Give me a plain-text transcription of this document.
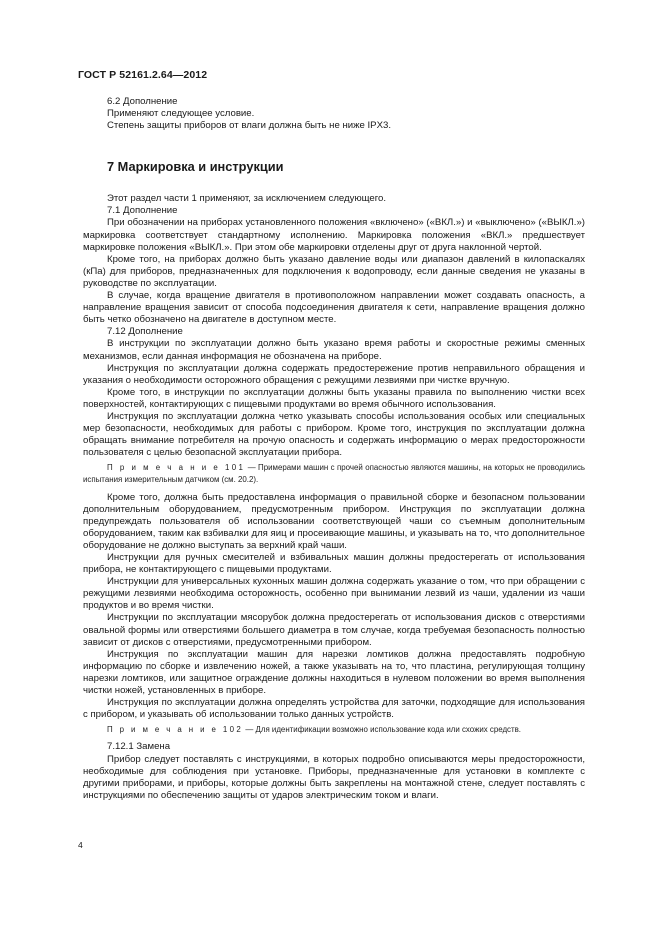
ГОСТ Р 52161.2.64—2012

6.2 Дополнение

Применяют следующее условие.

Степень защиты приборов от влаги должна быть не ниже IPX3.

7 Маркировка и инструкции

Этот раздел части 1 применяют, за исключением следующего.

7.1 Дополнение

При обозначении на приборах установленного положения «включено» («ВКЛ.») и «выключено» («ВЫКЛ.») маркировка соответствует стандартному исполнению. Маркировка положения «ВКЛ.» предшествует маркировке положения «ВЫКЛ.». При этом обе маркировки отделены друг от друга наклонной чертой.

Кроме того, на приборах должно быть указано давление воды или диапазон давлений в килопаскалях (кПа) для приборов, предназначенных для подключения к водопроводу, если данные сведения не указаны в руководстве по эксплуатации.

В случае, когда вращение двигателя в противоположном направлении может создавать опасность, а направление вращения зависит от способа подсоединения двигателя к сети, направление вращения должно быть четко обозначено на двигателе в доступном месте.

7.12 Дополнение

В инструкции по эксплуатации должно быть указано время работы и скоростные режимы сменных механизмов, если данная информация не обозначена на приборе.

Инструкция по эксплуатации должна содержать предостережение против неправильного обращения и указания о необходимости осторожного обращения с режущими лезвиями при чистке вручную.

Кроме того, в инструкции по эксплуатации должны быть указаны правила по выполнению чистки всех поверхностей, контактирующих с пищевыми продуктами во время обычного использования.

Инструкция по эксплуатации должна четко указывать способы использования особых или специальных мер безопасности, необходимых для работы с прибором. Кроме того, инструкция по эксплуатации должна обращать внимание потребителя на прочую опасность и содержать информацию о мерах предосторожности пользователя с целью безопасной эксплуатации прибора.

П р и м е ч а н и е 101 — Примерами машин с прочей опасностью являются машины, на которых не проводились испытания измерительным датчиком (см. 20.2).

Кроме того, должна быть предоставлена информация о правильной сборке и безопасном пользовании дополнительным оборудованием, предусмотренным прибором. Инструкция по эксплуатации должна предупреждать пользователя об использовании соответствующей чаши со съемным дополнительным оборудованием, таким как взбивалки для яиц и просеивающие машины, и указывать на то, что дополнительное оборудование не должно выступать за верхний край чаши.

Инструкции для ручных смесителей и взбивальных машин должны предостерегать от использования прибора, не контактирующего с пищевыми продуктами.

Инструкции для универсальных кухонных машин должна содержать указание о том, что при обращении с режущими лезвиями необходима осторожность, особенно при вынимании лезвий из чаши, удалении из чаши продуктов и во время чистки.

Инструкции по эксплуатации мясорубок должна предостерегать от использования дисков с отверстиями овальной формы или отверстиями большего диаметра в том случае, когда требуемая безопасность полностью зависит от дисков с отверстиями, предусмотренными прибором.

Инструкция по эксплуатации машин для нарезки ломтиков должна предоставлять подробную информацию по сборке и извлечению ножей, а также указывать на то, что пластина, регулирующая толщину нарезки ломтиков, или защитное ограждение должны находиться в нулевом положении во время выполнения чистки ножей, установленных в приборе.

Инструкция по эксплуатации должна определять устройства для заточки, подходящие для использования с прибором, и указывать об использовании только данных устройств.

П р и м е ч а н и е 102 — Для идентификации возможно использование кода или схожих средств.

7.12.1 Замена

Прибор следует поставлять с инструкциями, в которых подробно описываются меры предосторожности, необходимые для соблюдения при установке. Приборы, предназначенные для установки в комплекте с другими приборами, и приборы, которые должны быть закреплены на монтажной стене, следует поставлять с инструкциями по обеспечению защиты от ударов электрическим током и влаги.

4
